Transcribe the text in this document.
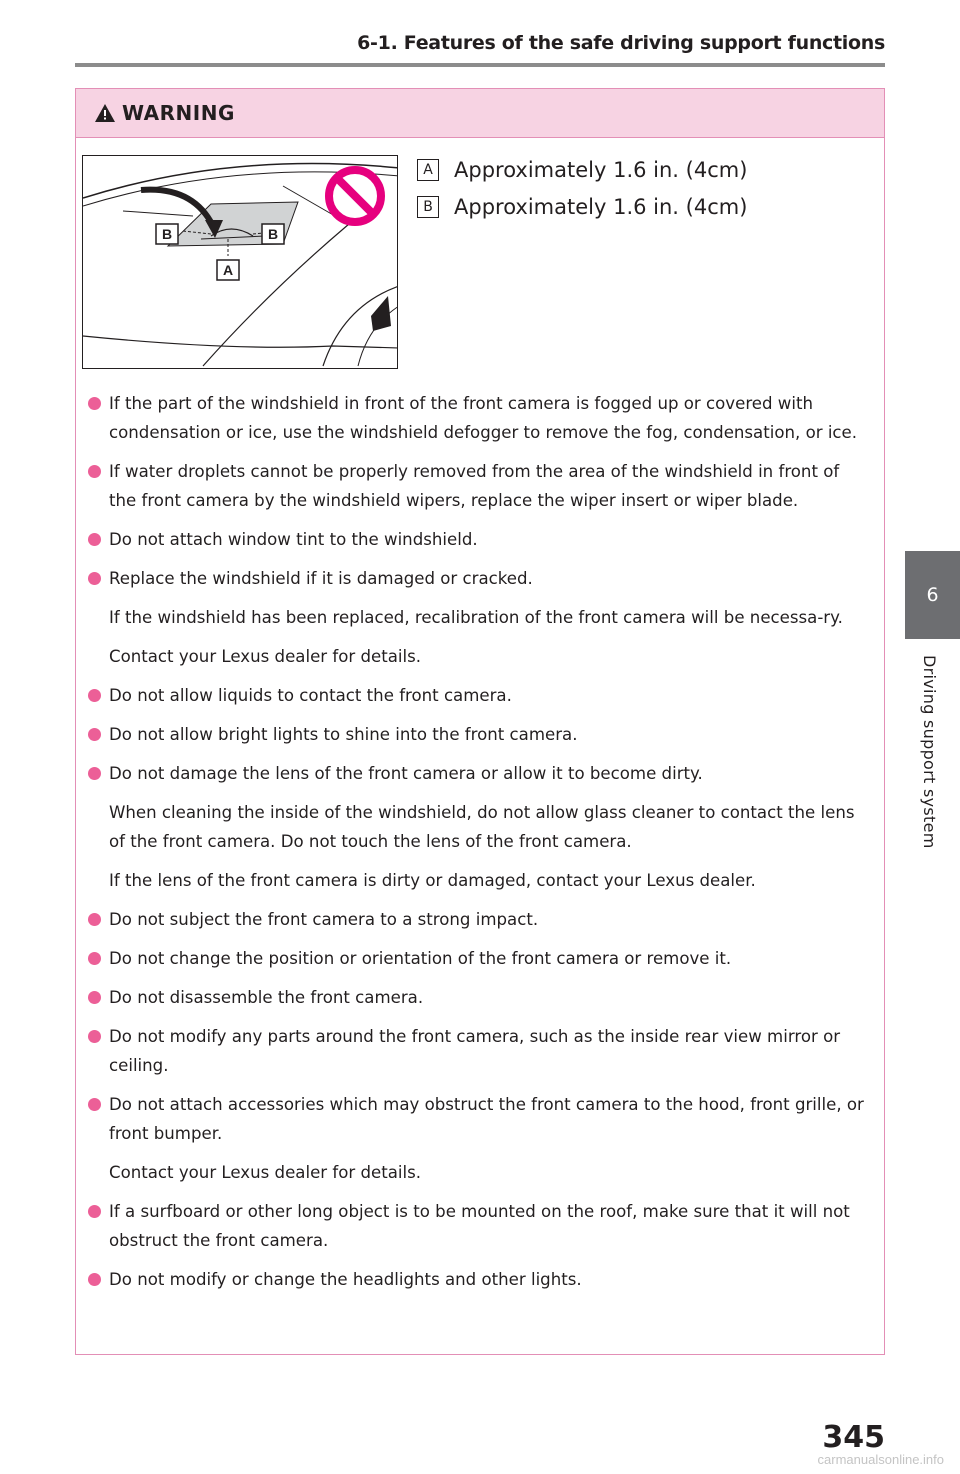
6-1. Features of the safe driving support functions
6
Driving support system
WARNING
B	B
A
A Approximately 1.6 in. (4cm)
B Approximately 1.6 in. (4cm)
If the part of the windshield in front of the front camera is fogged up or covered with condensation or ice, use the windshield defogger to remove the fog, condensation, or ice.
If water droplets cannot be properly removed from the area of the windshield in front of the front camera by the windshield wipers, replace the wiper insert or wiper blade.
Do not attach window tint to the windshield.
Replace the windshield if it is damaged or cracked.
If the windshield has been replaced, recalibration of the front camera will be necessa-ry.
Contact your Lexus dealer for details.
Do not allow liquids to contact the front camera.
Do not allow bright lights to shine into the front camera.
Do not damage the lens of the front camera or allow it to become dirty.
When cleaning the inside of the windshield, do not allow glass cleaner to contact the lens of the front camera. Do not touch the lens of the front camera.
If the lens of the front camera is dirty or damaged, contact your Lexus dealer.
Do not subject the front camera to a strong impact.
Do not change the position or orientation of the front camera or remove it.
Do not disassemble the front camera.
Do not modify any parts around the front camera, such as the inside rear view mirror or ceiling.
Do not attach accessories which may obstruct the front camera to the hood, front grille, or front bumper.
Contact your Lexus dealer for details.
If a surfboard or other long object is to be mounted on the roof, make sure that it will not obstruct the front camera.
Do not modify or change the headlights and other lights.
345
carmanualsonline.info
